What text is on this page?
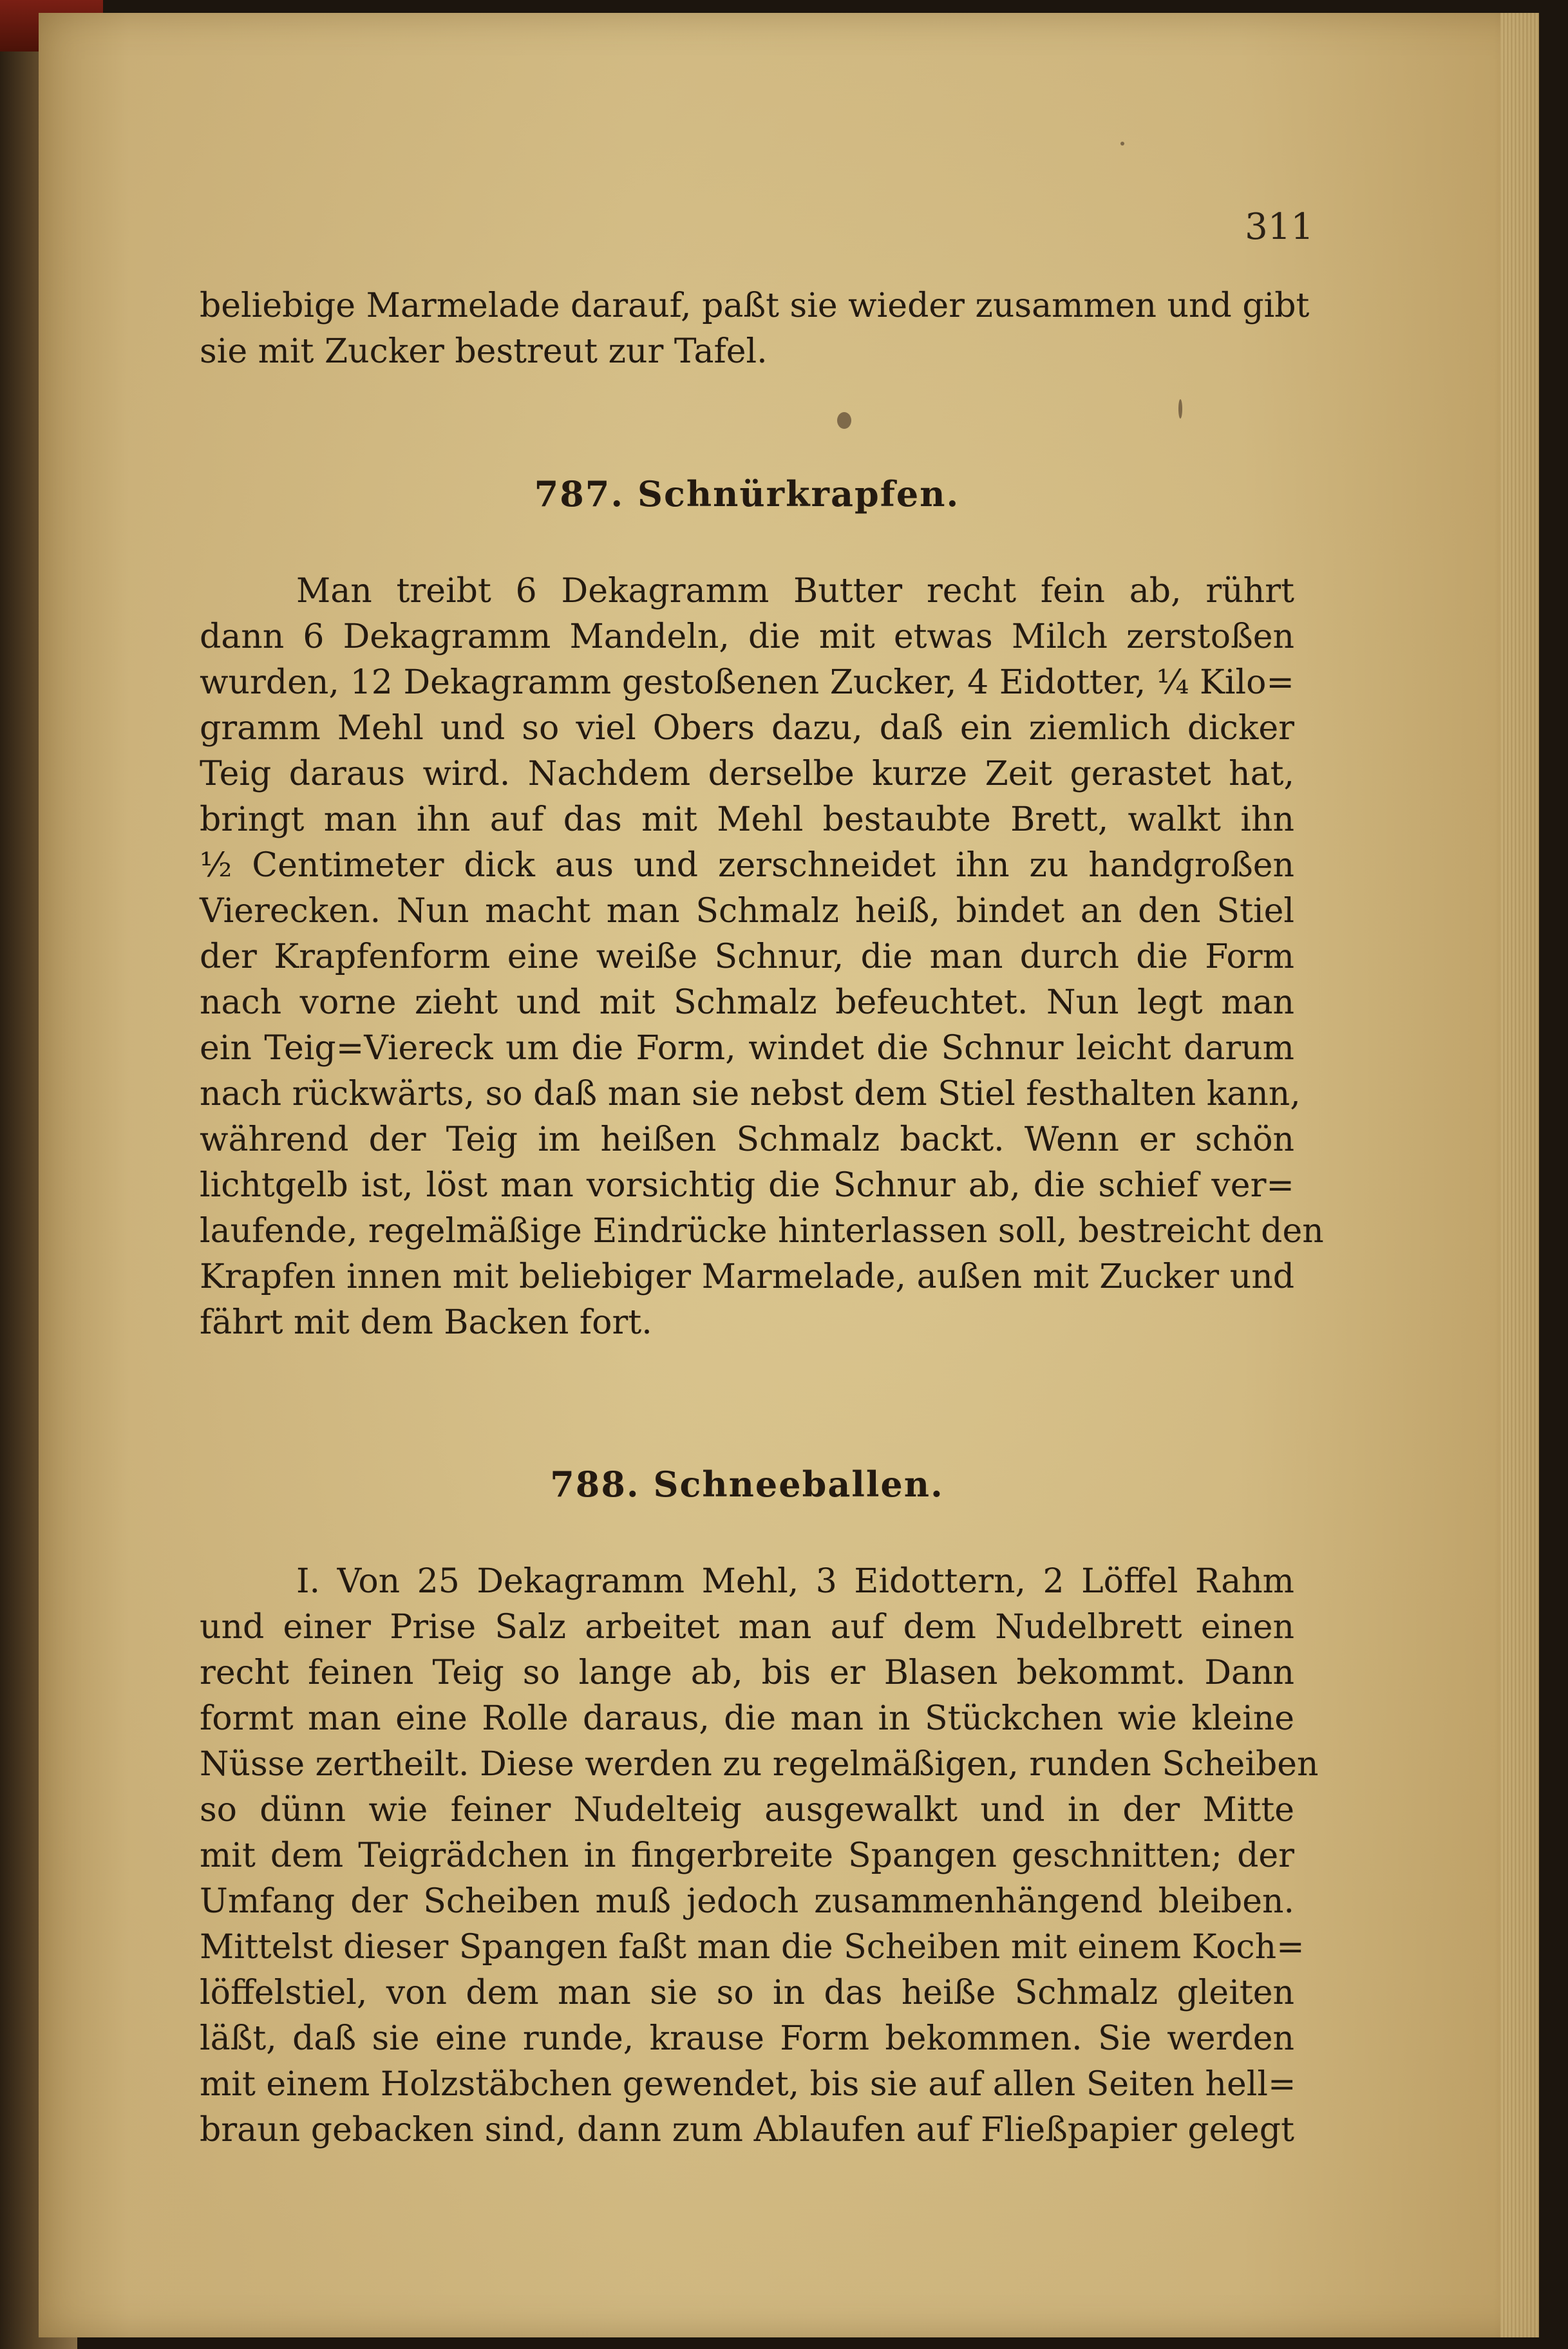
311
beliebige Marmelade darauf, paßt sie wieder zusammen und gibt
sie mit Zucker bestreut zur Tafel.
787. Schnürkrapfen.
Man treibt 6 Dekagramm Butter recht fein ab, rührt
dann 6 Dekagramm Mandeln, die mit etwas Milch zerstoßen
wurden, 12 Dekagramm gestoßenen Zucker, 4 Eidotter, ¼ Kilo=
gramm Mehl und so viel Obers dazu, daß ein ziemlich dicker
Teig daraus wird. Nachdem derselbe kurze Zeit gerastet hat,
bringt man ihn auf das mit Mehl bestaubte Brett, walkt ihn
½ Centimeter dick aus und zerschneidet ihn zu handgroßen
Vierecken. Nun macht man Schmalz heiß, bindet an den Stiel
der Krapfenform eine weiße Schnur, die man durch die Form
nach vorne zieht und mit Schmalz befeuchtet. Nun legt man
ein Teig=Viereck um die Form, windet die Schnur leicht darum
nach rückwärts, so daß man sie nebst dem Stiel festhalten kann,
während der Teig im heißen Schmalz backt. Wenn er schön
lichtgelb ist, löst man vorsichtig die Schnur ab, die schief ver=
laufende, regelmäßige Eindrücke hinterlassen soll, bestreicht den
Krapfen innen mit beliebiger Marmelade, außen mit Zucker und
fährt mit dem Backen fort.
788. Schneeballen.
I. Von 25 Dekagramm Mehl, 3 Eidottern, 2 Löffel Rahm
und einer Prise Salz arbeitet man auf dem Nudelbrett einen
recht feinen Teig so lange ab, bis er Blasen bekommt. Dann
formt man eine Rolle daraus, die man in Stückchen wie kleine
Nüsse zertheilt. Diese werden zu regelmäßigen, runden Scheiben
so dünn wie feiner Nudelteig ausgewalkt und in der Mitte
mit dem Teigrädchen in fingerbreite Spangen geschnitten; der
Umfang der Scheiben muß jedoch zusammenhängend bleiben.
Mittelst dieser Spangen faßt man die Scheiben mit einem Koch=
löffelstiel, von dem man sie so in das heiße Schmalz gleiten
läßt, daß sie eine runde, krause Form bekommen. Sie werden
mit einem Holzstäbchen gewendet, bis sie auf allen Seiten hell=
braun gebacken sind, dann zum Ablaufen auf Fließpapier gelegt
